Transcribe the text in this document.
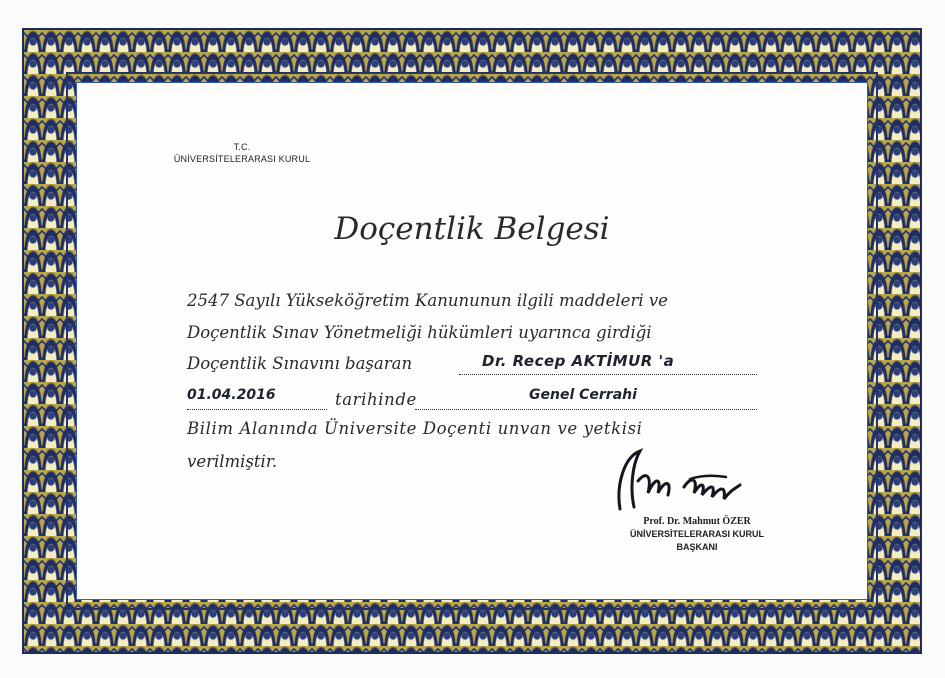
T.C.
ÜNİVERSİTELERARASI KURUL
Doçentlik Belgesi
2547 Sayılı Yükseköğretim Kanununun ilgili maddeleri ve
Doçentlik Sınav Yönetmeliği hükümleri uyarınca girdiği
Doçentlik Sınavını başaran	Dr. Recep AKTİMUR 'a
01.04.2016	tarihinde	Genel Cerrahi
Bilim Alanında Üniversite Doçenti unvan ve yetkisi
verilmiştir.
Prof. Dr. Mahmut ÖZER
ÜNİVERSİTELERARASI KURUL
BAŞKANI
